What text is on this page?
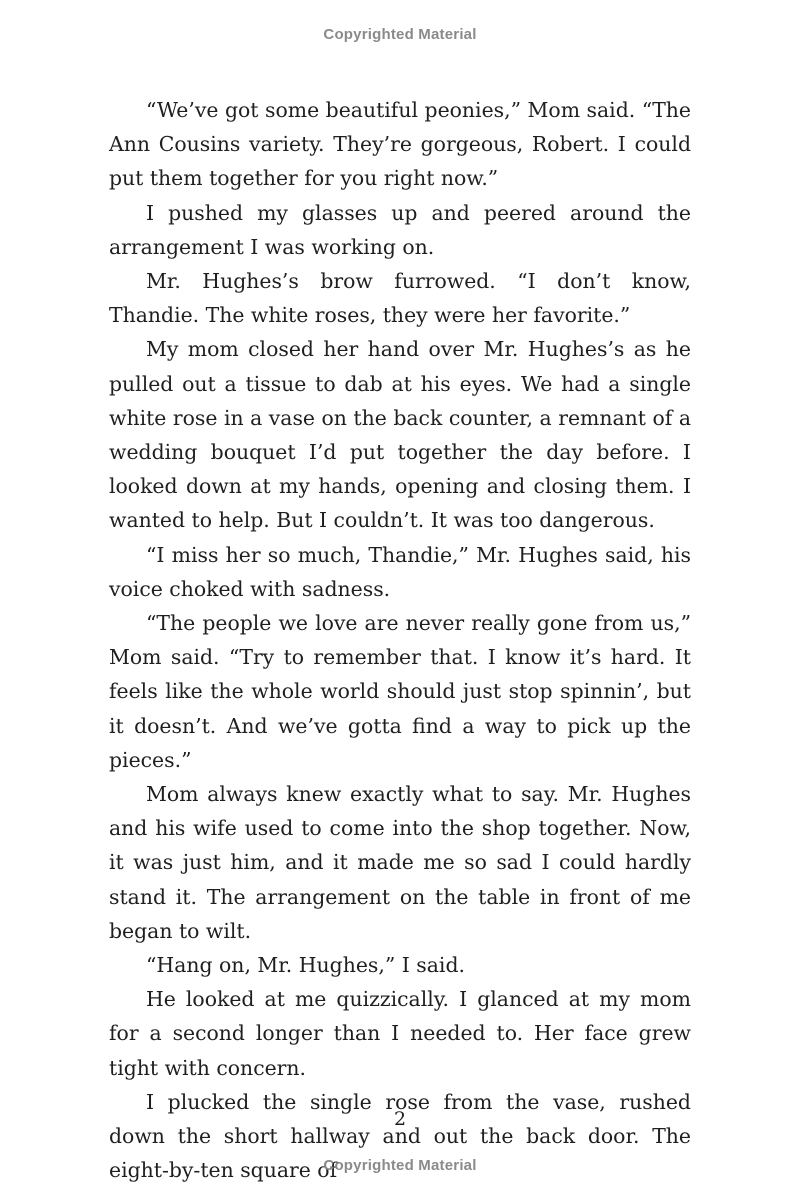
Copyrighted Material

“We’ve got some beautiful peonies,” Mom said. “The Ann Cousins variety. They’re gorgeous, Robert. I could put them together for you right now.”

I pushed my glasses up and peered around the arrangement I was working on.

Mr. Hughes’s brow furrowed. “I don’t know, Thandie. The white roses, they were her favorite.”

My mom closed her hand over Mr. Hughes’s as he pulled out a tissue to dab at his eyes. We had a single white rose in a vase on the back counter, a remnant of a wedding bouquet I’d put together the day before. I looked down at my hands, opening and closing them. I wanted to help. But I couldn’t. It was too dangerous.

“I miss her so much, Thandie,” Mr. Hughes said, his voice choked with sadness.

“The people we love are never really gone from us,” Mom said. “Try to remember that. I know it’s hard. It feels like the whole world should just stop spinnin’, but it doesn’t. And we’ve gotta find a way to pick up the pieces.”

Mom always knew exactly what to say. Mr. Hughes and his wife used to come into the shop together. Now, it was just him, and it made me so sad I could hardly stand it. The arrangement on the table in front of me began to wilt.

“Hang on, Mr. Hughes,” I said.

He looked at me quizzically. I glanced at my mom for a second longer than I needed to. Her face grew tight with concern.

I plucked the single rose from the vase, rushed down the short hallway and out the back door. The eight-by-ten square of

2
Copyrighted Material
